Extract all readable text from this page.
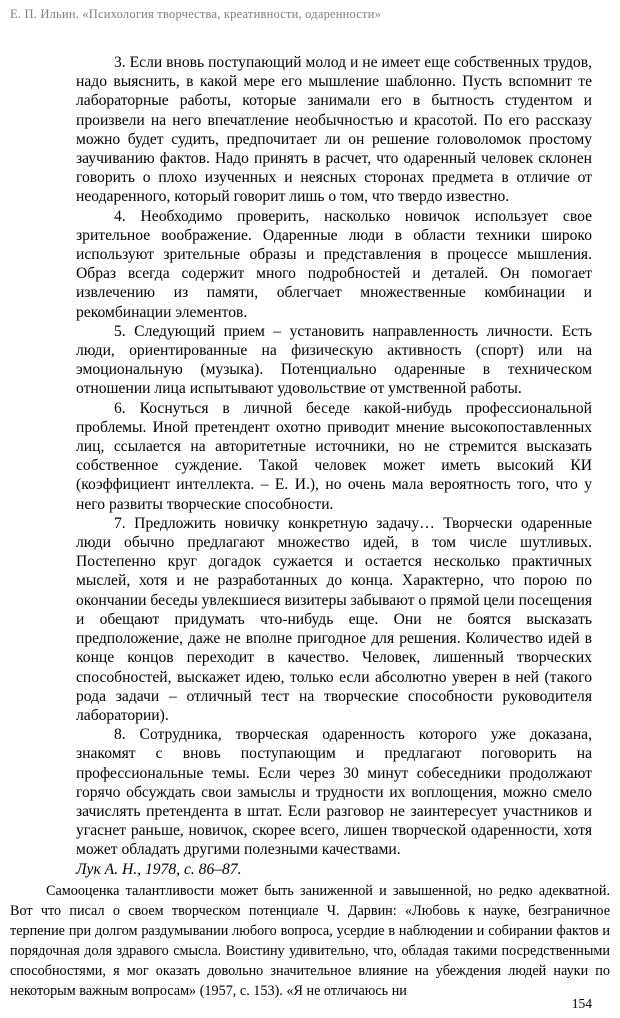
Е. П. Ильин. «Психология творчества, креативности, одаренности»

3. Если вновь поступающий молод и не имеет еще собственных трудов, надо выяснить, в какой мере его мышление шаблонно. Пусть вспомнит те лабораторные работы, которые занимали его в бытность студентом и произвели на него впечатление необычностью и красотой. По его рассказу можно будет судить, предпочитает ли он решение головоломок простому заучиванию фактов. Надо принять в расчет, что одаренный человек склонен говорить о плохо изученных и неясных сторонах предмета в отличие от неодаренного, который говорит лишь о том, что твердо известно.

4. Необходимо проверить, насколько новичок использует свое зрительное воображение. Одаренные люди в области техники широко используют зрительные образы и представления в процессе мышления. Образ всегда содержит много подробностей и деталей. Он помогает извлечению из памяти, облегчает множественные комбинации и рекомбинации элементов.

5. Следующий прием – установить направленность личности. Есть люди, ориентированные на физическую активность (спорт) или на эмоциональную (музыка). Потенциально одаренные в техническом отношении лица испытывают удовольствие от умственной работы.

6. Коснуться в личной беседе какой-нибудь профессиональной проблемы. Иной претендент охотно приводит мнение высокопоставленных лиц, ссылается на авторитетные источники, но не стремится высказать собственное суждение. Такой человек может иметь высокий КИ (коэффициент интеллекта. – Е. И.), но очень мала вероятность того, что у него развиты творческие способности.

7. Предложить новичку конкретную задачу… Творчески одаренные люди обычно предлагают множество идей, в том числе шутливых. Постепенно круг догадок сужается и остается несколько практичных мыслей, хотя и не разработанных до конца. Характерно, что порою по окончании беседы увлекшиеся визитеры забывают о прямой цели посещения и обещают придумать что-нибудь еще. Они не боятся высказать предположение, даже не вполне пригодное для решения. Количество идей в конце концов переходит в качество. Человек, лишенный творческих способностей, выскажет идею, только если абсолютно уверен в ней (такого рода задачи – отличный тест на творческие способности руководителя лаборатории).

8. Сотрудника, творческая одаренность которого уже доказана, знакомят с вновь поступающим и предлагают поговорить на профессиональные темы. Если через 30 минут собеседники продолжают горячо обсуждать свои замыслы и трудности их воплощения, можно смело зачислять претендента в штат. Если разговор не заинтересует участников и угаснет раньше, новичок, скорее всего, лишен творческой одаренности, хотя может обладать другими полезными качествами.

Лук А. Н., 1978, с. 86–87.

Самооценка талантливости может быть заниженной и завышенной, но редко адекватной. Вот что писал о своем творческом потенциале Ч. Дарвин: «Любовь к науке, безграничное терпение при долгом раздумывании любого вопроса, усердие в наблюдении и собирании фактов и порядочная доля здравого смысла. Воистину удивительно, что, обладая такими посредственными способностями, я мог оказать довольно значительное влияние на убеждения людей науки по некоторым важным вопросам» (1957, с. 153). «Я не отличаюсь ни

154
